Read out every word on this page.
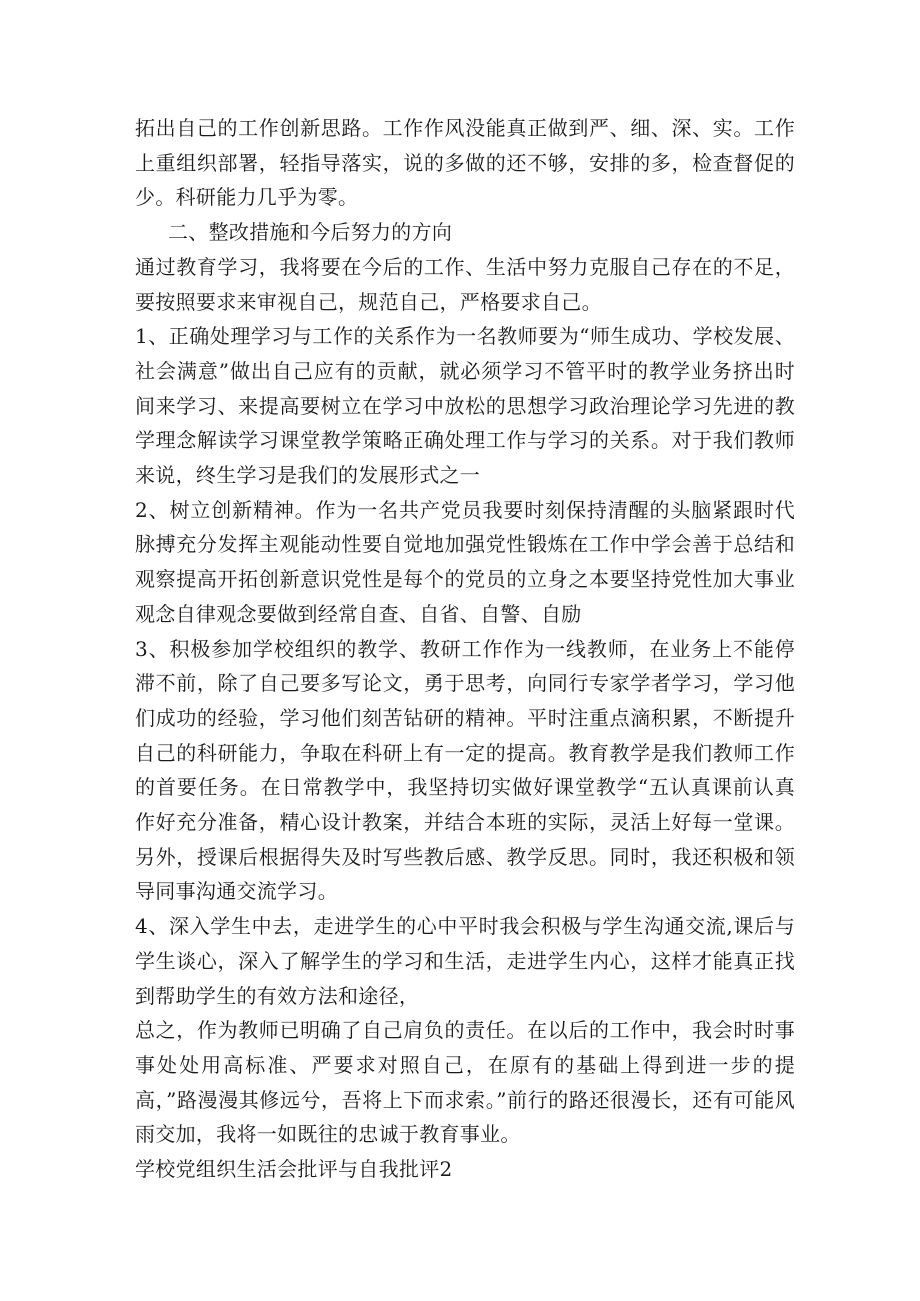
拓出自己的工作创新思路。工作作风没能真正做到严、细、深、实。工作上重组织部署，轻指导落实，说的多做的还不够，安排的多，检查督促的少。科研能力几乎为零。

二、整改措施和今后努力的方向

通过教育学习，我将要在今后的工作、生活中努力克服自己存在的不足，要按照要求来审视自己，规范自己，严格要求自己。

1、正确处理学习与工作的关系作为一名教师要为“师生成功、学校发展、社会满意”做出自己应有的贡献，就必须学习不管平时的教学业务挤出时间来学习、来提高要树立在学习中放松的思想学习政治理论学习先进的教学理念解读学习课堂教学策略正确处理工作与学习的关系。对于我们教师来说，终生学习是我们的发展形式之一

2、树立创新精神。作为一名共产党员我要时刻保持清醒的头脑紧跟时代脉搏充分发挥主观能动性要自觉地加强党性锻炼在工作中学会善于总结和观察提高开拓创新意识党性是每个的党员的立身之本要坚持党性加大事业观念自律观念要做到经常自查、自省、自警、自励

3、积极参加学校组织的教学、教研工作作为一线教师，在业务上不能停滞不前，除了自己要多写论文，勇于思考，向同行专家学者学习，学习他们成功的经验，学习他们刻苦钻研的精神。平时注重点滴积累，不断提升自己的科研能力，争取在科研上有一定的提高。教育教学是我们教师工作的首要任务。在日常教学中，我坚持切实做好课堂教学“五认真课前认真作好充分准备，精心设计教案，并结合本班的实际，灵活上好每一堂课。另外，授课后根据得失及时写些教后感、教学反思。同时，我还积极和领导同事沟通交流学习。

4、深入学生中去，走进学生的心中平时我会积极与学生沟通交流,课后与学生谈心，深入了解学生的学习和生活，走进学生内心，这样才能真正找到帮助学生的有效方法和途径，

总之，作为教师已明确了自己肩负的责任。在以后的工作中，我会时时事事处处用高标准、严要求对照自己，在原有的基础上得到进一步的提高，”路漫漫其修远兮，吾将上下而求索。”前行的路还很漫长，还有可能风雨交加，我将一如既往的忠诚于教育事业。

学校党组织生活会批评与自我批评2
